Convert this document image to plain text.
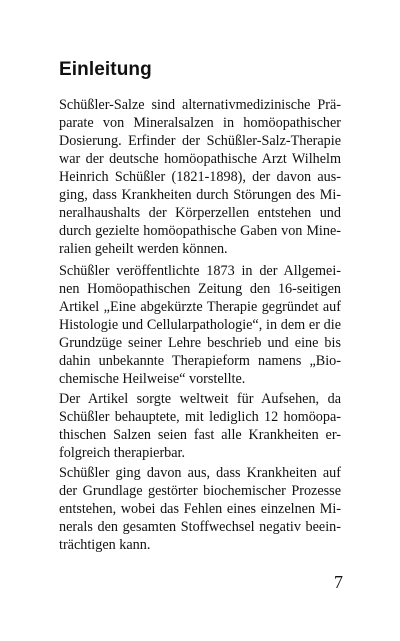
Einleitung

Schüßler-Salze sind alternativmedizinische Prä-
parate von Mineralsalzen in homöopathischer
Dosierung. Erfinder der Schüßler-Salz-Therapie
war der deutsche homöopathische Arzt Wilhelm
Heinrich Schüßler (1821-1898), der davon aus-
ging, dass Krankheiten durch Störungen des Mi-
neralhaushalts der Körperzellen entstehen und
durch gezielte homöopathische Gaben von Mine-
ralien geheilt werden können.

Schüßler veröffentlichte 1873 in der Allgemei-
nen Homöopathischen Zeitung den 16-seitigen
Artikel „Eine abgekürzte Therapie gegründet auf
Histologie und Cellularpathologie“, in dem er die
Grundzüge seiner Lehre beschrieb und eine bis
dahin unbekannte Therapieform namens „Bio-
chemische Heilweise“ vorstellte.

Der Artikel sorgte weltweit für Aufsehen, da
Schüßler behauptete, mit lediglich 12 homöopa-
thischen Salzen seien fast alle Krankheiten er-
folgreich therapierbar.

Schüßler ging davon aus, dass Krankheiten auf
der Grundlage gestörter biochemischer Prozesse
entstehen, wobei das Fehlen eines einzelnen Mi-
nerals den gesamten Stoffwechsel negativ beein-
trächtigen kann.

7
